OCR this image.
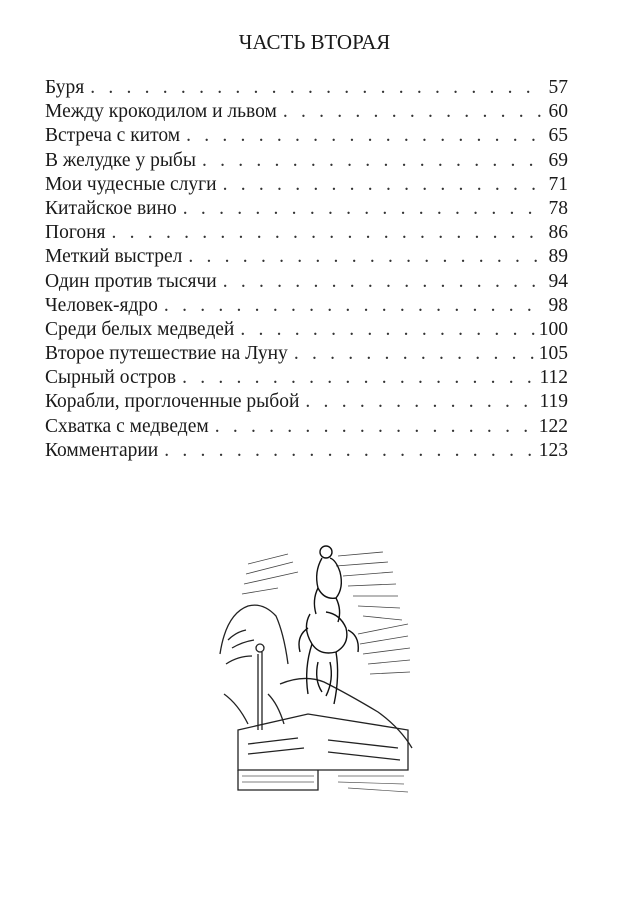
ЧАСТЬ ВТОРАЯ
Буря . . .	57
Между крокодилом и львом . . .	60
Встреча с китом . . .	65
В желудке у рыбы . . .	69
Мои чудесные слуги . . .	71
Китайское вино . . .	78
Погоня . . .	86
Меткий выстрел . . .	89
Один против тысячи . . .	94
Человек-ядро . . .	98
Среди белых медведей . . .	100
Второе путешествие на Луну . . .	105
Сырный остров . . .	112
Корабли, проглоченные рыбой . . .	119
Схватка с медведем . . .	122
Комментарии . . .	123
